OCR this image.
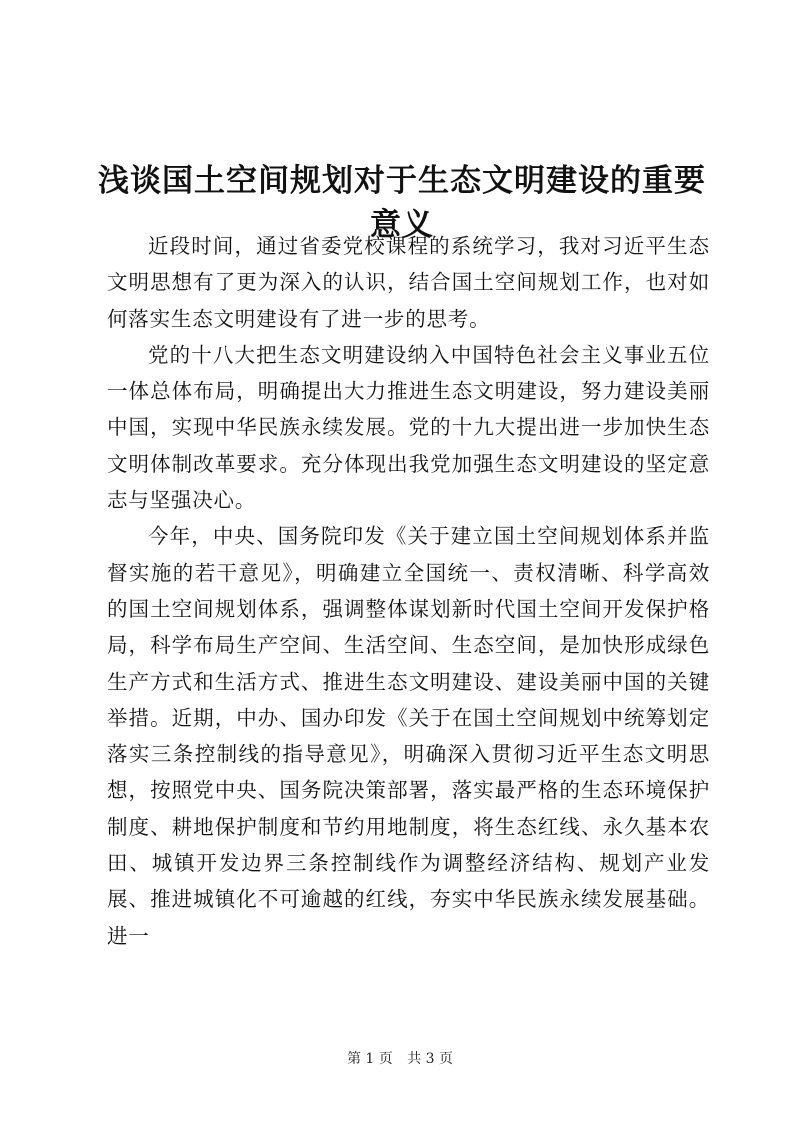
浅谈国土空间规划对于生态文明建设的重要意义

近段时间，通过省委党校课程的系统学习，我对习近平生态文明思想有了更为深入的认识，结合国土空间规划工作，也对如何落实生态文明建设有了进一步的思考。

党的十八大把生态文明建设纳入中国特色社会主义事业五位一体总体布局，明确提出大力推进生态文明建设，努力建设美丽中国，实现中华民族永续发展。党的十九大提出进一步加快生态文明体制改革要求。充分体现出我党加强生态文明建设的坚定意志与坚强决心。

今年，中央、国务院印发《关于建立国土空间规划体系并监督实施的若干意见》，明确建立全国统一、责权清晰、科学高效的国土空间规划体系，强调整体谋划新时代国土空间开发保护格局，科学布局生产空间、生活空间、生态空间，是加快形成绿色生产方式和生活方式、推进生态文明建设、建设美丽中国的关键举措。近期，中办、国办印发《关于在国土空间规划中统筹划定落实三条控制线的指导意见》，明确深入贯彻习近平生态文明思想，按照党中央、国务院决策部署，落实最严格的生态环境保护制度、耕地保护制度和节约用地制度，将生态红线、永久基本农田、城镇开发边界三条控制线作为调整经济结构、规划产业发展、推进城镇化不可逾越的红线，夯实中华民族永续发展基础。进一

第 1 页 共 3 页
